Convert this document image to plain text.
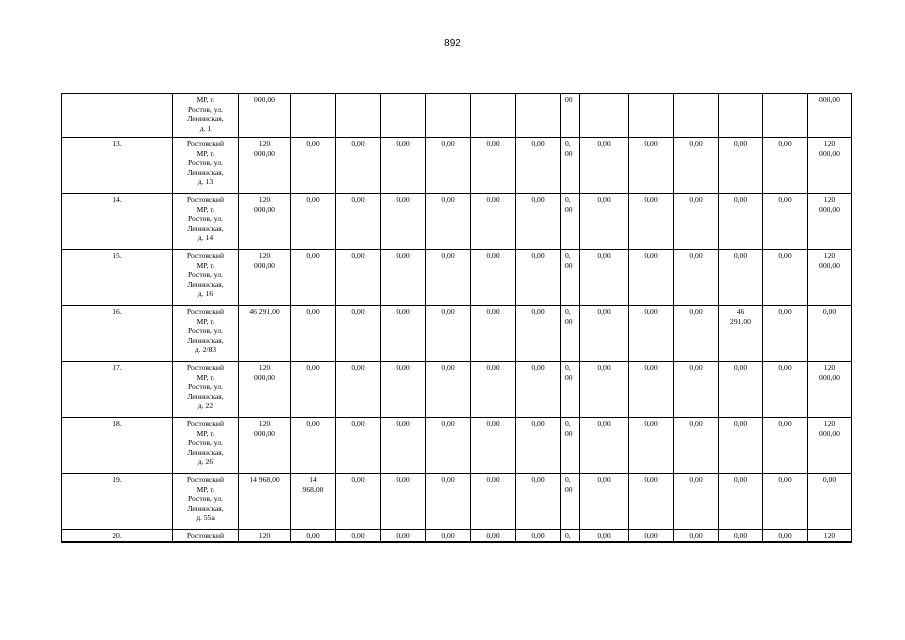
892
	МР, г.
Ростов, ул.
Ленинская,
д. 1	000,00							00						000,00
13.	Ростовский
МР, г.
Ростов, ул.
Ленинская,
д. 13	120
000,00	0,00	0,00	0,00	0,00	0,00	0,00	0,
00	0,00	0,00	0,00	0,00	0,00	120
000,00
14.	Ростовский
МР, г.
Ростов, ул.
Ленинская,
д. 14	120
000,00	0,00	0,00	0,00	0,00	0,00	0,00	0,
00	0,00	0,00	0,00	0,00	0,00	120
000,00
15.	Ростовский
МР, г.
Ростов, ул.
Ленинская,
д. 16	120
000,00	0,00	0,00	0,00	0,00	0,00	0,00	0,
00	0,00	0,00	0,00	0,00	0,00	120
000,00
16.	Ростовский
МР, г.
Ростов, ул.
Ленинская,
д. 2/83	46 291,00	0,00	0,00	0,00	0,00	0,00	0,00	0,
00	0,00	0,00	0,00	46
291,00	0,00	0,00
17.	Ростовский
МР, г.
Ростов, ул.
Ленинская,
д. 22	120
000,00	0,00	0,00	0,00	0,00	0,00	0,00	0,
00	0,00	0,00	0,00	0,00	0,00	120
000,00
18.	Ростовский
МР, г.
Ростов, ул.
Ленинская,
д. 26	120
000,00	0,00	0,00	0,00	0,00	0,00	0,00	0,
00	0,00	0,00	0,00	0,00	0,00	120
000,00
19.	Ростовский
МР, г.
Ростов, ул.
Ленинская,
д. 55а	14 968,00	14
968,00	0,00	0,00	0,00	0,00	0,00	0,
00	0,00	0,00	0,00	0,00	0,00	0,00
20.	Ростовский	120	0,00	0,00	0,00	0,00	0,00	0,00	0,	0,00	0,00	0,00	0,00	0,00	120
